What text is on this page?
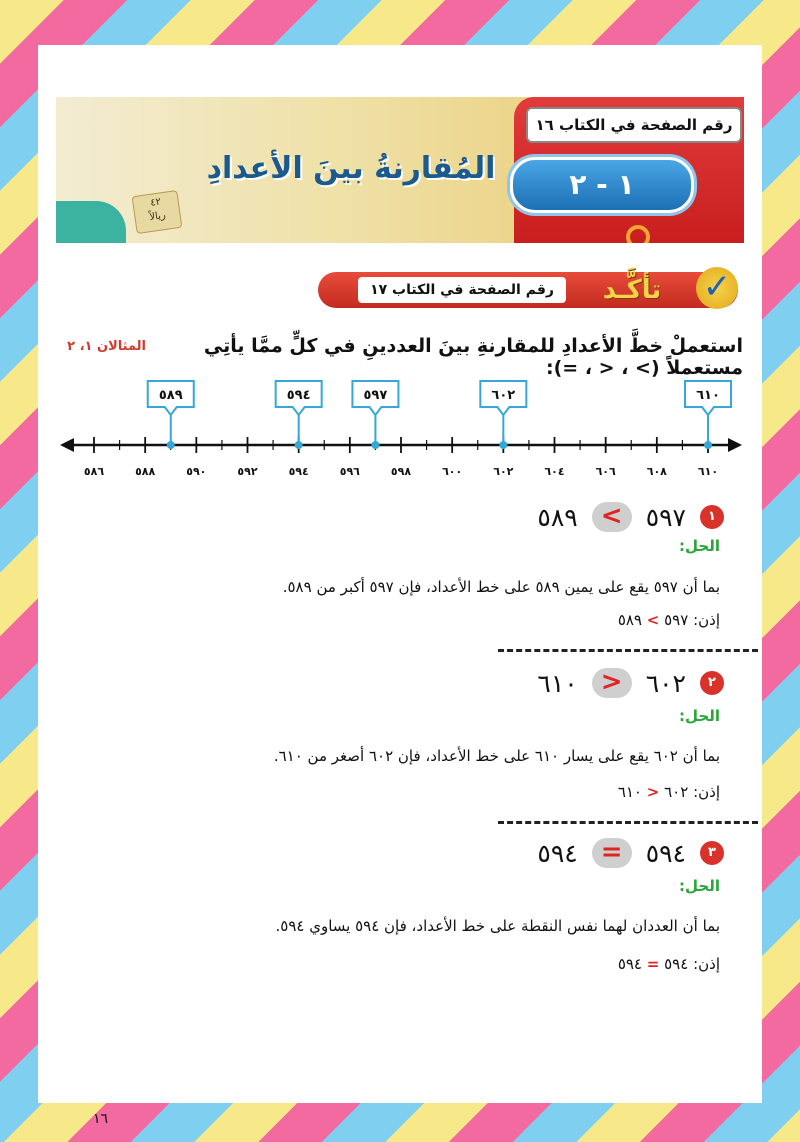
٤٢
ريالاً
المُقارنةُ بينَ الأعدادِ
رقم الصفحة في الكتاب ١٦
١ - ٢
رقم الصفحة في الكتاب ١٧	تأكَّـد	✓
استعملْ خطَّ الأعدادِ للمقارنةِ بينَ العددينِ في كلٍّ ممَّا يأتِي مستعملاً (> ، < ، =):
المثالان ١، ٢
٥٨٦	٥٨٨	٥٩٠	٥٩٢	٥٩٤	٥٩٦	٥٩٨	٦٠٠	٦٠٢	٦٠٤	٦٠٦	٦٠٨	٦١٠
٥٨٩	٥٩٤	٥٩٧	٦٠٢	٦١٠
٥٨٩ < ٥٩٧	١
الحل:
بما أن ٥٩٧ يقع على يمين ٥٨٩ على خط الأعداد، فإن ٥٩٧ أكبر من ٥٨٩.
إذن: ٥٩٧ > ٥٨٩
٦١٠ > ٦٠٢	٢
الحل:
بما أن ٦٠٢ يقع على يسار ٦١٠ على خط الأعداد، فإن ٦٠٢ أصغر من ٦١٠.
إذن: ٦٠٢ < ٦١٠
٥٩٤ = ٥٩٤	٣
الحل:
بما أن العددان لهما نفس النقطة على خط الأعداد، فإن ٥٩٤ يساوي ٥٩٤.
إذن: ٥٩٤ = ٥٩٤
١٦
